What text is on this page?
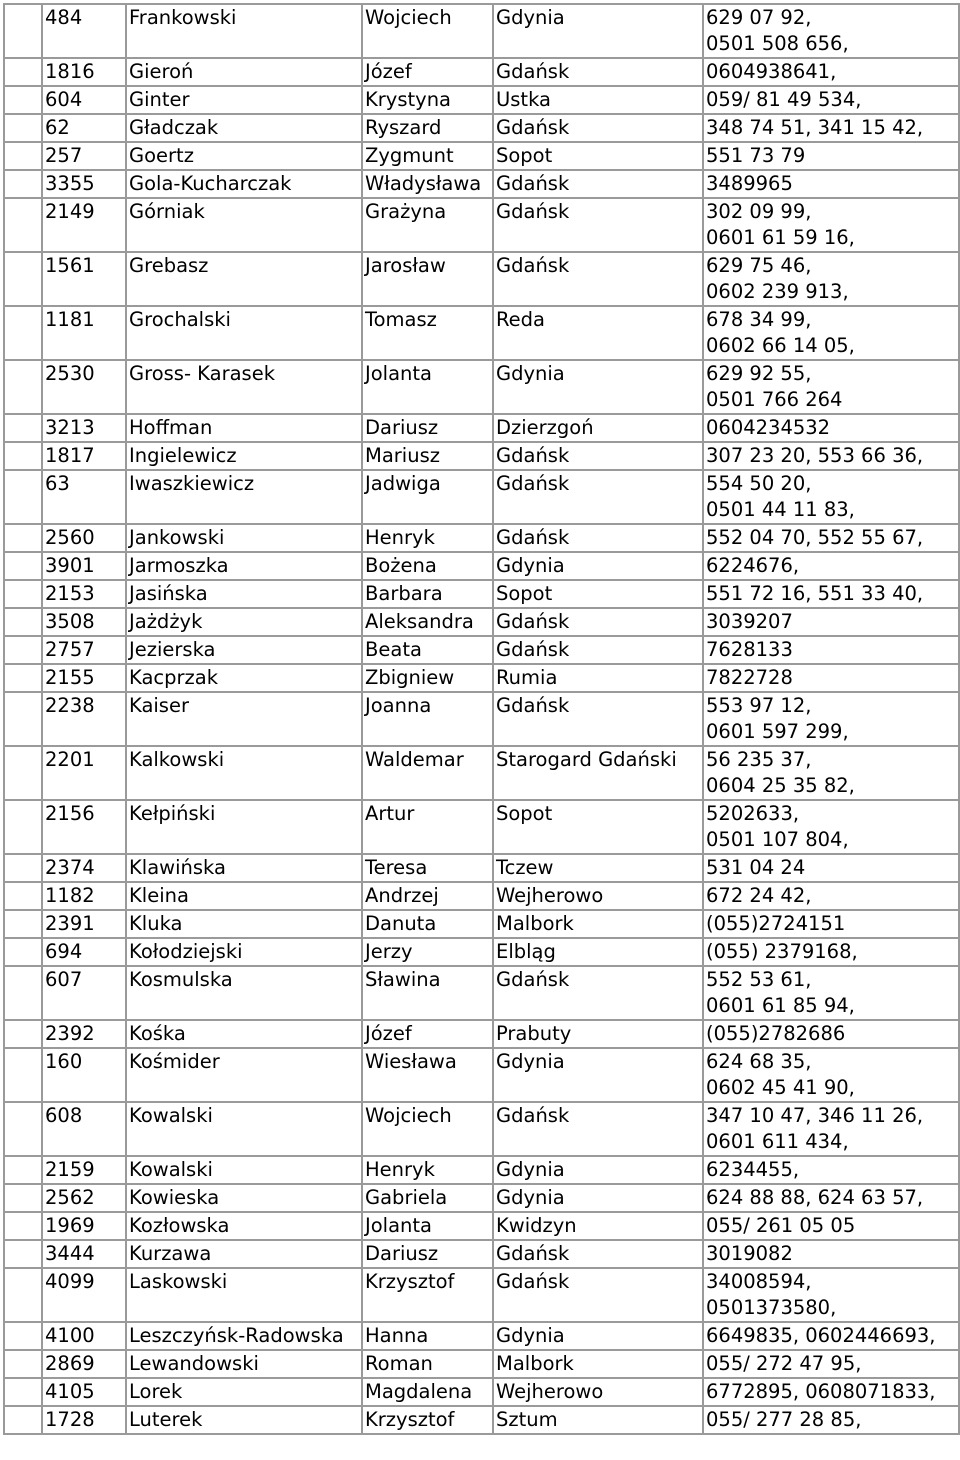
	484	Frankowski	Wojciech	Gdynia	629 07 92,
0501 508 656,

	1816	Gieroń	Józef	Gdańsk	0604938641,

	604	Ginter	Krystyna	Ustka	059/ 81 49 534,

	62	Gładczak	Ryszard	Gdańsk	348 74 51, 341 15 42,

	257	Goertz	Zygmunt	Sopot	551 73 79

	3355	Gola-Kucharczak	Władysława	Gdańsk	3489965

	2149	Górniak	Grażyna	Gdańsk	302 09 99,
0601 61 59 16,

	1561	Grebasz	Jarosław	Gdańsk	629 75 46,
0602 239 913,

	1181	Grochalski	Tomasz	Reda	678 34 99,
0602 66 14 05,

	2530	Gross- Karasek	Jolanta	Gdynia	629 92 55,
0501 766 264

	3213	Hoffman	Dariusz	Dzierzgoń	0604234532

	1817	Ingielewicz	Mariusz	Gdańsk	307 23 20, 553 66 36,

	63	Iwaszkiewicz	Jadwiga	Gdańsk	554 50 20,
0501 44 11 83,

	2560	Jankowski	Henryk	Gdańsk	552 04 70, 552 55 67,

	3901	Jarmoszka	Bożena	Gdynia	6224676,

	2153	Jasińska	Barbara	Sopot	551 72 16, 551 33 40,

	3508	Jażdżyk	Aleksandra	Gdańsk	3039207

	2757	Jezierska	Beata	Gdańsk	7628133

	2155	Kacprzak	Zbigniew	Rumia	7822728

	2238	Kaiser	Joanna	Gdańsk	553 97 12,
0601 597 299,

	2201	Kalkowski	Waldemar	Starogard Gdański	56 235 37,
0604 25 35 82,

	2156	Kełpiński	Artur	Sopot	5202633,
0501 107 804,

	2374	Klawińska	Teresa	Tczew	531 04 24

	1182	Kleina	Andrzej	Wejherowo	672 24 42,

	2391	Kluka	Danuta	Malbork	(055)2724151

	694	Kołodziejski	Jerzy	Elbląg	(055) 2379168,

	607	Kosmulska	Sławina	Gdańsk	552 53 61,
0601 61 85 94,

	2392	Kośka	Józef	Prabuty	(055)2782686

	160	Kośmider	Wiesława	Gdynia	624 68 35,
0602 45 41 90,

	608	Kowalski	Wojciech	Gdańsk	347 10 47, 346 11 26,
0601 611 434,

	2159	Kowalski	Henryk	Gdynia	6234455,

	2562	Kowieska	Gabriela	Gdynia	624 88 88, 624 63 57,

	1969	Kozłowska	Jolanta	Kwidzyn	055/ 261 05 05

	3444	Kurzawa	Dariusz	Gdańsk	3019082

	4099	Laskowski	Krzysztof	Gdańsk	34008594,
0501373580,

	4100	Leszczyńsk-Radowska	Hanna	Gdynia	6649835, 0602446693,

	2869	Lewandowski	Roman	Malbork	055/ 272 47 95,

	4105	Lorek	Magdalena	Wejherowo	6772895, 0608071833,

	1728	Luterek	Krzysztof	Sztum	055/ 277 28 85,
